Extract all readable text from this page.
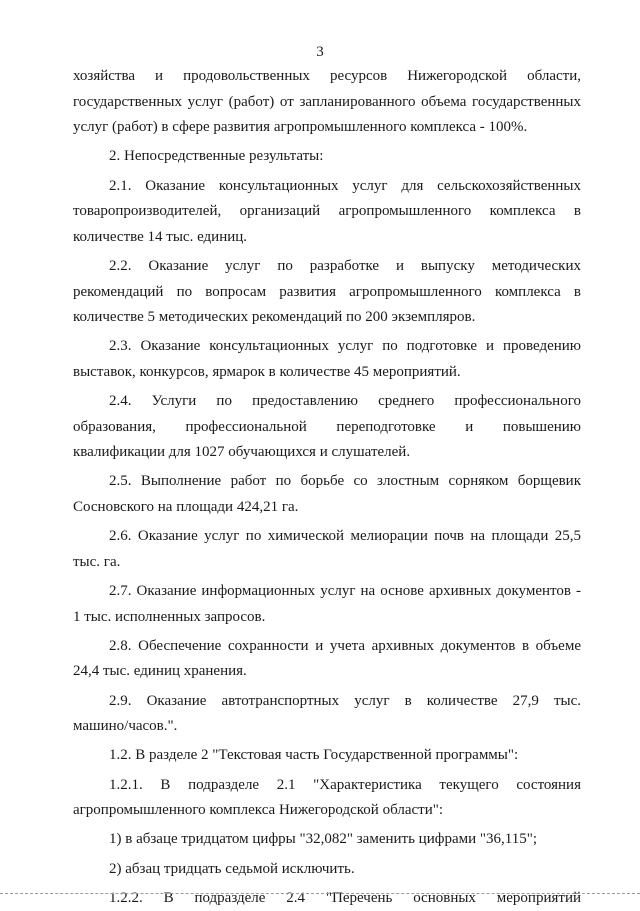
3
хозяйства и продовольственных ресурсов Нижегородской области,
государственных услуг (работ) от запланированного объема государственных
услуг (работ) в сфере развития агропромышленного комплекса - 100%.
2. Непосредственные результаты:
2.1. Оказание консультационных услуг для сельскохозяйственных
товаропроизводителей, организаций агропромышленного комплекса в
количестве 14 тыс. единиц.
2.2. Оказание услуг по разработке и выпуску методических
рекомендаций по вопросам развития агропромышленного комплекса в
количестве 5 методических рекомендаций по 200 экземпляров.
2.3. Оказание консультационных услуг по подготовке и проведению
выставок, конкурсов, ярмарок в количестве 45 мероприятий.
2.4. Услуги по предоставлению среднего профессионального
образования, профессиональной переподготовке и повышению
квалификации для 1027 обучающихся и слушателей.
2.5. Выполнение работ по борьбе со злостным сорняком борщевик
Сосновского на площади 424,21 га.
2.6. Оказание услуг по химической мелиорации почв на площади 25,5
тыс. га.
2.7. Оказание информационных услуг на основе архивных документов -
1 тыс. исполненных запросов.
2.8. Обеспечение сохранности и учета архивных документов в объеме
24,4 тыс. единиц хранения.
2.9. Оказание автотранспортных услуг в количестве 27,9 тыс.
машино/часов.".
1.2. В разделе 2 "Текстовая часть Государственной программы":
1.2.1. В подразделе 2.1 "Характеристика текущего состояния
агропромышленного комплекса Нижегородской области":
1) в абзаце тридцатом цифры "32,082" заменить цифрами "36,115";
2) абзац тридцать седьмой исключить.
1.2.2. В подразделе 2.4 "Перечень основных мероприятий
